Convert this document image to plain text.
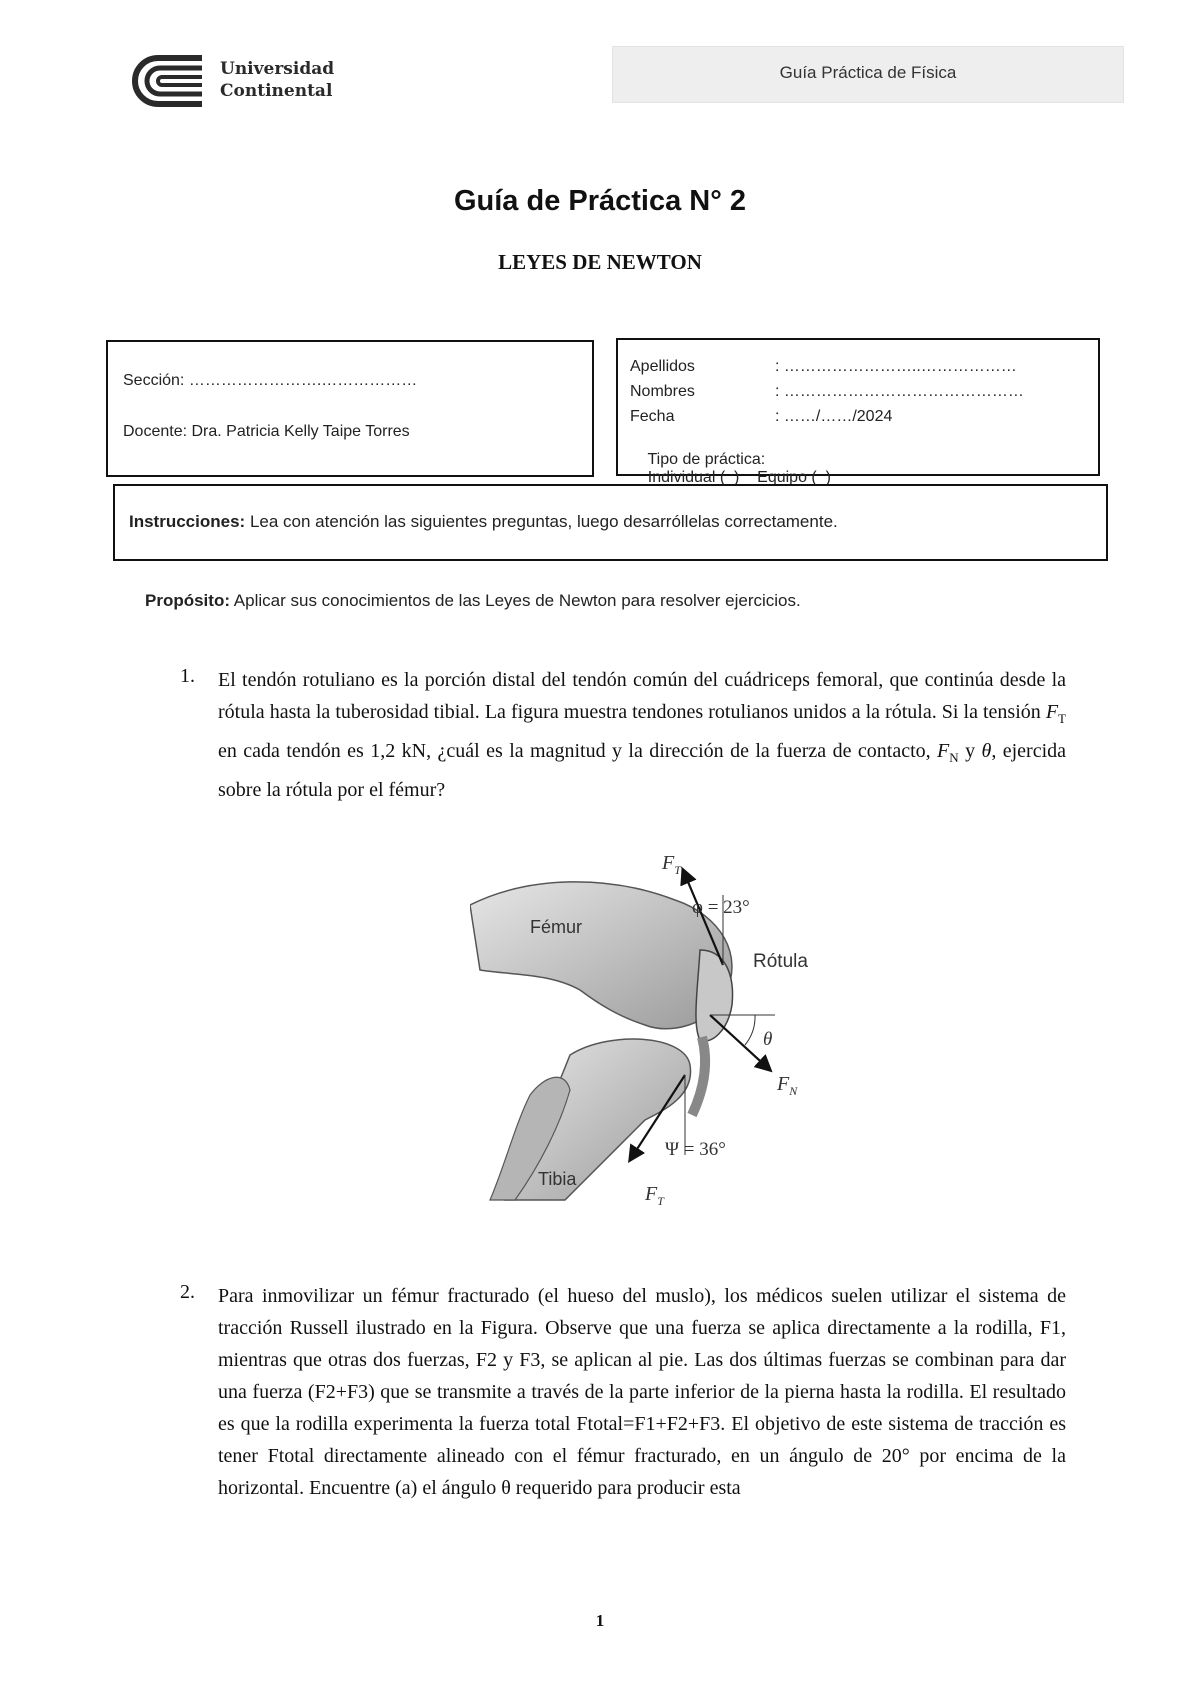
Universidad
Continental
Guía Práctica de Física
Guía de Práctica N° 2
LEYES DE NEWTON
Sección: …………………….………………
Docente: Dra. Patricia Kelly Taipe Torres
Apellidos	: ……………………..………………
Nombres	: ………………………………………
Fecha	: ……/……/2024

Tipo de práctica:
Individual (  )    Equipo (  )

Instrucciones: Lea con atención las siguientes preguntas, luego desarróllelas correctamente.
Propósito: Aplicar sus conocimientos de las Leyes de Newton para resolver ejercicios.
1. El tendón rotuliano es la porción distal del tendón común del cuádriceps femoral, que continúa desde la rótula hasta la tuberosidad tibial. La figura muestra tendones rotulianos unidos a la rótula. Si la tensión $F_T$ en cada tendón es 1,2 kN, ¿cuál es la magnitud y la dirección de la fuerza de contacto, $F_N$ y θ, ejercida sobre la rótula por el fémur?
$F_T$
φ = 23°
Fémur
Rótula
θ
$F_N$
Ψ = 36°
Tibia
$F_T$
2. Para inmovilizar un fémur fracturado (el hueso del muslo), los médicos suelen utilizar el sistema de tracción Russell ilustrado en la Figura. Observe que una fuerza se aplica directamente a la rodilla, F1, mientras que otras dos fuerzas, F2 y F3, se aplican al pie. Las dos últimas fuerzas se combinan para dar una fuerza (F2+F3) que se transmite a través de la parte inferior de la pierna hasta la rodilla. El resultado es que la rodilla experimenta la fuerza total Ftotal=F1+F2+F3. El objetivo de este sistema de tracción es tener Ftotal directamente alineado con el fémur fracturado, en un ángulo de 20° por encima de la horizontal. Encuentre (a) el ángulo θ requerido para producir esta
1
